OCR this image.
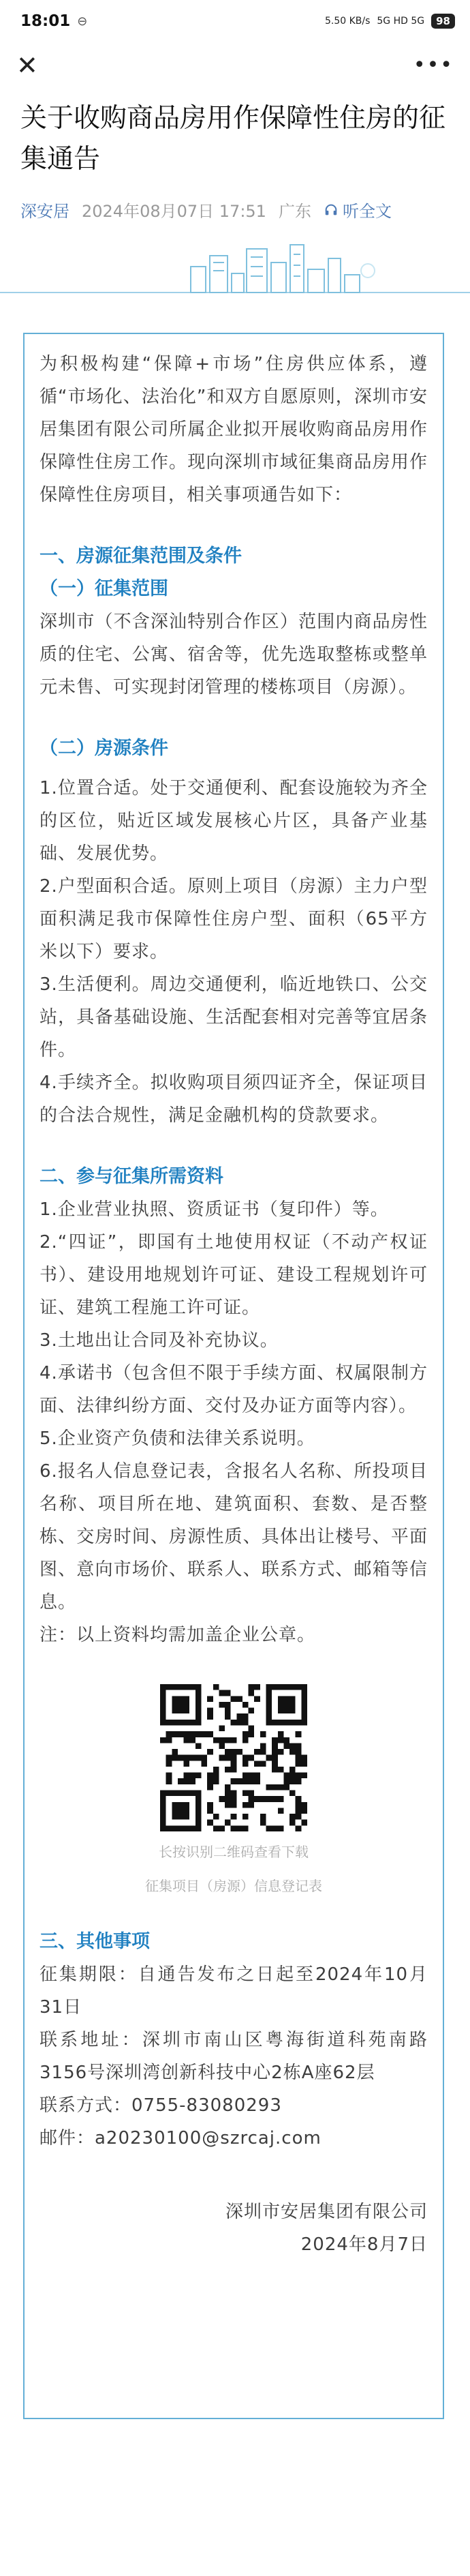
18:01 ⊖	5.50 KB/s 5G HD 5G	98
✕	•••
关于收购商品房用作保障性住房的征集通告
深安居 2024年08月07日 17:51 广东 听全文

为积极构建“保障+市场”住房供应体系，遵循“市场化、法治化”和双方自愿原则，深圳市安居集团有限公司所属企业拟开展收购商品房用作保障性住房工作。现向深圳市域征集商品房用作保障性住房项目，相关事项通告如下：

一、房源征集范围及条件

（一）征集范围

深圳市（不含深汕特别合作区）范围内商品房性质的住宅、公寓、宿舍等，优先选取整栋或整单元未售、可实现封闭管理的楼栋项目（房源）。

（二）房源条件

1.位置合适。处于交通便利、配套设施较为齐全的区位，贴近区域发展核心片区，具备产业基础、发展优势。

2.户型面积合适。原则上项目（房源）主力户型面积满足我市保障性住房户型、面积（65平方米以下）要求。

3.生活便利。周边交通便利，临近地铁口、公交站，具备基础设施、生活配套相对完善等宜居条件。

4.手续齐全。拟收购项目须四证齐全，保证项目的合法合规性，满足金融机构的贷款要求。

二、参与征集所需资料

1.企业营业执照、资质证书（复印件）等。

2.“四证”，即国有土地使用权证（不动产权证书）、建设用地规划许可证、建设工程规划许可证、建筑工程施工许可证。

3.土地出让合同及补充协议。

4.承诺书（包含但不限于手续方面、权属限制方面、法律纠纷方面、交付及办证方面等内容）。

5.企业资产负债和法律关系说明。

6.报名人信息登记表，含报名人名称、所投项目名称、项目所在地、建筑面积、套数、是否整栋、交房时间、房源性质、具体出让楼号、平面图、意向市场价、联系人、联系方式、邮箱等信息。

注：以上资料均需加盖企业公章。

长按识别二维码查看下载
征集项目（房源）信息登记表

三、其他事项

征集期限：自通告发布之日起至2024年10月31日

联系地址：深圳市南山区粤海街道科苑南路3156号深圳湾创新科技中心2栋A座62层

联系方式：0755-83080293

邮件：a20230100@szrcaj.com

深圳市安居集团有限公司

2024年8月7日
